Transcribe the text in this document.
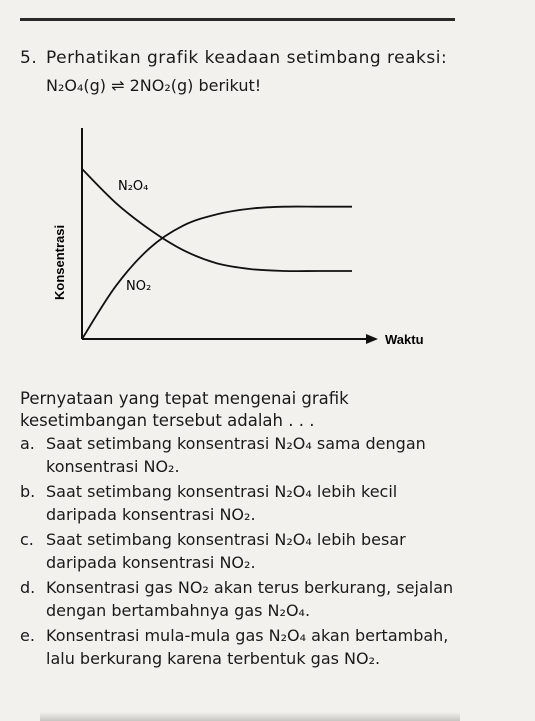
5. Perhatikan grafik keadaan setimbang reaksi:
N₂O₄(g) ⇌ 2NO₂(g) berikut!
Konsentrasi
Waktu
N₂O₄
NO₂
Pernyataan yang tepat mengenai grafik kesetimbangan tersebut adalah . . .
a. Saat setimbang konsentrasi N₂O₄ sama dengan konsentrasi NO₂.
b. Saat setimbang konsentrasi N₂O₄ lebih kecil daripada konsentrasi NO₂.
c. Saat setimbang konsentrasi N₂O₄ lebih besar daripada konsentrasi NO₂.
d. Konsentrasi gas NO₂ akan terus berkurang, sejalan dengan bertambahnya gas N₂O₄.
e. Konsentrasi mula-mula gas N₂O₄ akan bertambah, lalu berkurang karena terbentuk gas NO₂.
